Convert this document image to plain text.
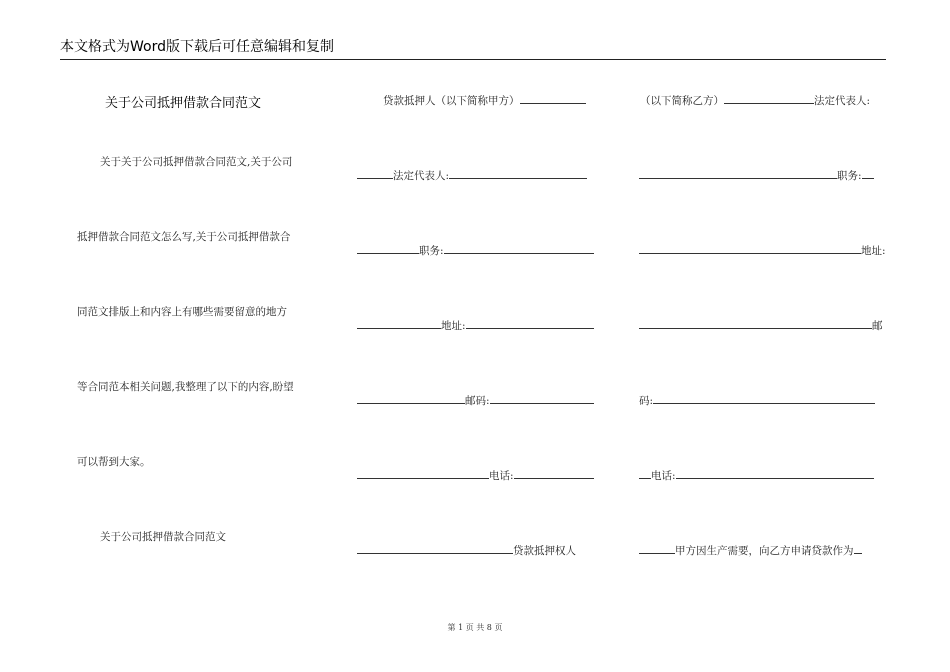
本文格式为Word版下载后可任意编辑和复制
关于公司抵押借款合同范文
关于关于公司抵押借款合同范文,关于公司
抵押借款合同范文怎么写,关于公司抵押借款合
同范文排版上和内容上有哪些需要留意的地方
等合同范本相关问题,我整理了以下的内容,盼望
可以帮到大家。
关于公司抵押借款合同范文
贷款抵押人（以下简称甲方）
法定代表人:
职务:
地址:
邮码:
电话:
贷款抵押权人
（以下简称乙方）	法定代表人:
职务:
地址:
邮
码:
电话:
甲方因生产需要，向乙方申请贷款作为
第 1 页 共 8 页
